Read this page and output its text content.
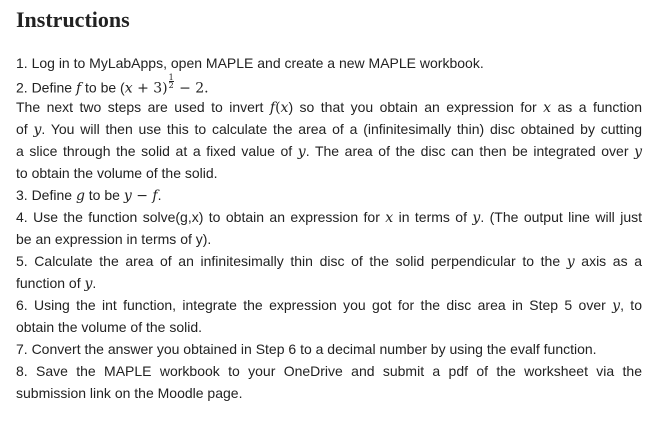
Instructions
1. Log in to MyLabApps, open MAPLE and create a new MAPLE workbook.
2. Define f to be $(x + 3) \frac{1}{2} - 2$.
The next two steps are used to invert f(x) so that you obtain an expression for x as a function
of y. You will then use this to calculate the area of a (infinitesimally thin) disc obtained by cutting
a slice through the solid at a fixed value of y. The area of the disc can then be integrated over y
to obtain the volume of the solid.
3. Define g to be y − f.
4. Use the function solve(g,x) to obtain an expression for x in terms of y. (The output line will just
be an expression in terms of y).
5. Calculate the area of an infinitesimally thin disc of the solid perpendicular to the y axis as a
function of y.
6. Using the int function, integrate the expression you got for the disc area in Step 5 over y, to
obtain the volume of the solid.
7. Convert the answer you obtained in Step 6 to a decimal number by using the evalf function.
8. Save the MAPLE workbook to your OneDrive and submit a pdf of the worksheet via the
submission link on the Moodle page.
